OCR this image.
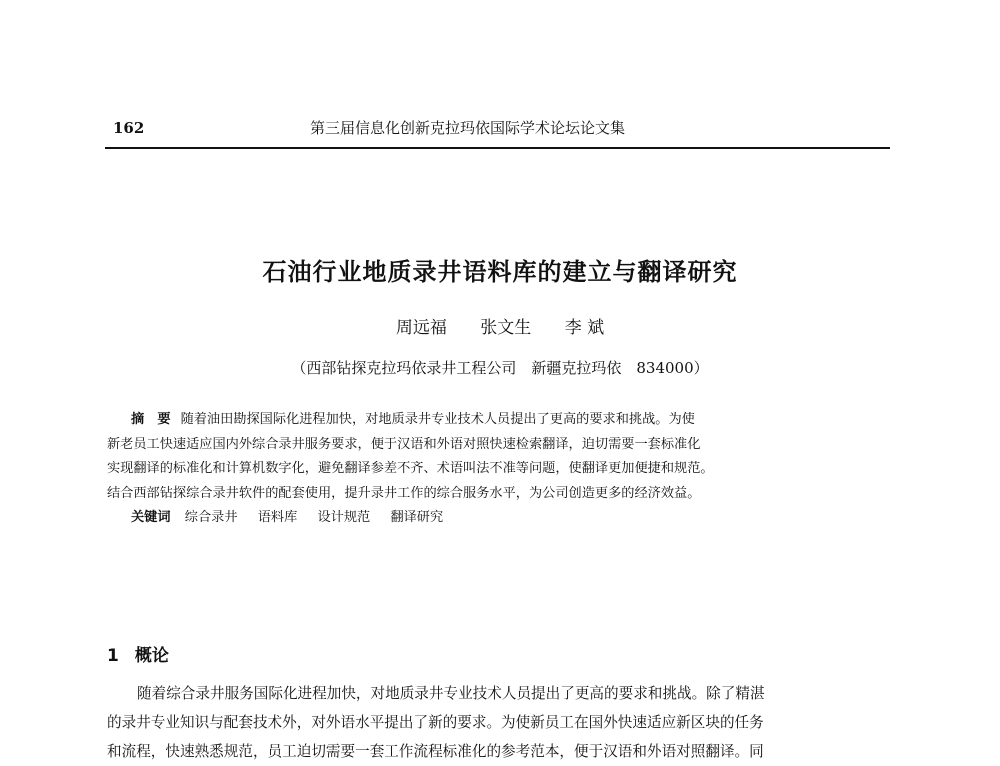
162	第三届信息化创新克拉玛依国际学术论坛论文集
石油行业地质录井语料库的建立与翻译研究
周远福 张文生 李 斌
（西部钻探克拉玛依录井工程公司　新疆克拉玛依　834000）
摘　要 随着油田勘探国际化进程加快，对地质录井专业技术人员提出了更高的要求和挑战。为使
新老员工快速适应国内外综合录井服务要求，便于汉语和外语对照快速检索翻译，迫切需要一套标准化
实现翻译的标准化和计算机数字化，避免翻译参差不齐、术语叫法不准等问题，使翻译更加便捷和规范。
结合西部钻探综合录井软件的配套使用，提升录井工作的综合服务水平，为公司创造更多的经济效益。
关键词 综合录井 语料库 设计规范 翻译研究
1 概论
随着综合录井服务国际化进程加快，对地质录井专业技术人员提出了更高的要求和挑战。除了精湛
的录井专业知识与配套技术外，对外语水平提出了新的要求。为使新员工在国外快速适应新区块的任务
和流程，快速熟悉规范，员工迫切需要一套工作流程标准化的参考范本，便于汉语和外语对照翻译。同
